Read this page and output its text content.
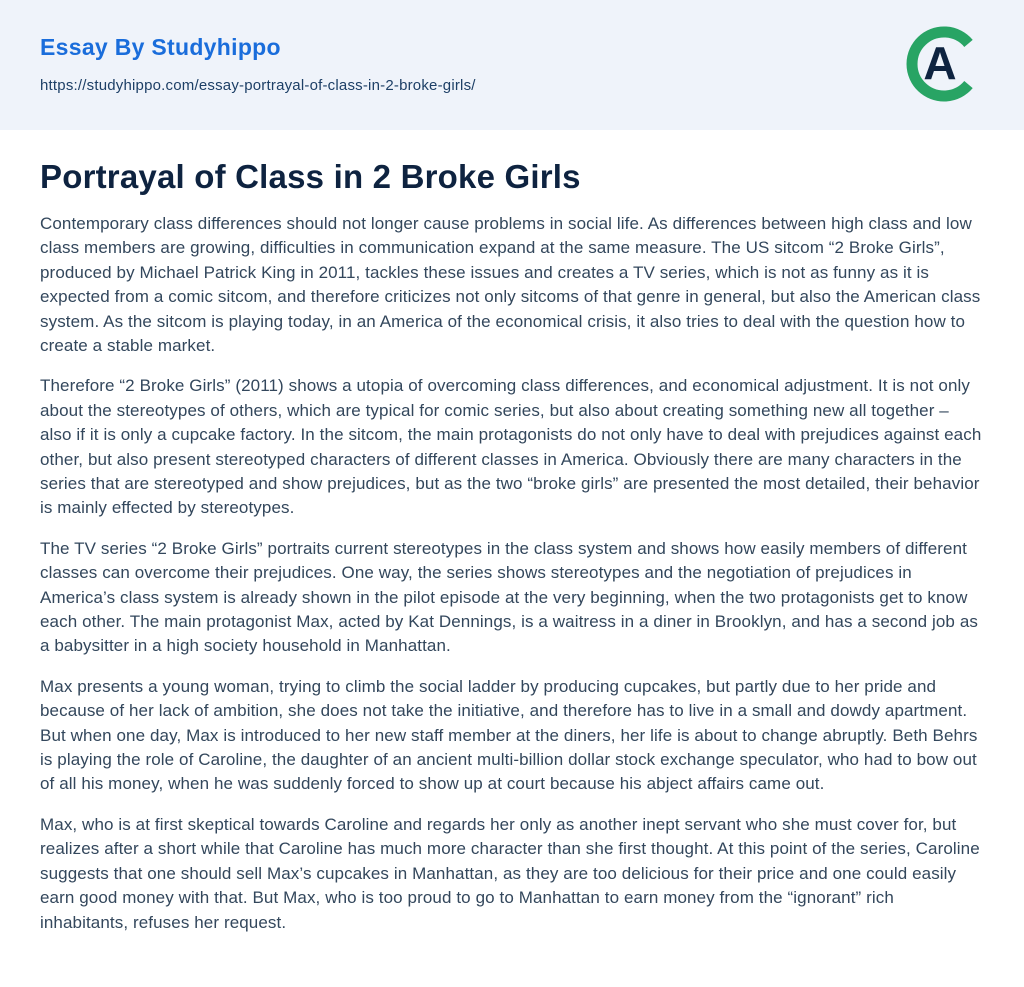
Essay By Studyhippo
https://studyhippo.com/essay-portrayal-of-class-in-2-broke-girls/	A
Portrayal of Class in 2 Broke Girls

Contemporary class differences should not longer cause problems in social life. As differences between high class and low class members are growing, difficulties in communication expand at the same measure. The US sitcom “2 Broke Girls”, produced by Michael Patrick King in 2011, tackles these issues and creates a TV series, which is not as funny as it is expected from a comic sitcom, and therefore criticizes not only sitcoms of that genre in general, but also the American class system. As the sitcom is playing today, in an America of the economical crisis, it also tries to deal with the question how to create a stable market.

Therefore “2 Broke Girls” (2011) shows a utopia of overcoming class differences, and economical adjustment. It is not only about the stereotypes of others, which are typical for comic series, but also about creating something new all together – also if it is only a cupcake factory. In the sitcom, the main protagonists do not only have to deal with prejudices against each other, but also present stereotyped characters of different classes in America. Obviously there are many characters in the series that are stereotyped and show prejudices, but as the two “broke girls” are presented the most detailed, their behavior is mainly effected by stereotypes.

The TV series “2 Broke Girls” portraits current stereotypes in the class system and shows how easily members of different classes can overcome their prejudices. One way, the series shows stereotypes and the negotiation of prejudices in America’s class system is already shown in the pilot episode at the very beginning, when the two protagonists get to know each other. The main protagonist Max, acted by Kat Dennings, is a waitress in a diner in Brooklyn, and has a second job as a babysitter in a high society household in Manhattan.

Max presents a young woman, trying to climb the social ladder by producing cupcakes, but partly due to her pride and because of her lack of ambition, she does not take the initiative, and therefore has to live in a small and dowdy apartment. But when one day, Max is introduced to her new staff member at the diners, her life is about to change abruptly. Beth Behrs is playing the role of Caroline, the daughter of an ancient multi-billion dollar stock exchange speculator, who had to bow out of all his money, when he was suddenly forced to show up at court because his abject affairs came out.

Max, who is at first skeptical towards Caroline and regards her only as another inept servant who she must cover for, but realizes after a short while that Caroline has much more character than she first thought. At this point of the series, Caroline suggests that one should sell Max’s cupcakes in Manhattan, as they are too delicious for their price and one could easily earn good money with that. But Max, who is too proud to go to Manhattan to earn money from the “ignorant” rich inhabitants, refuses her request.
